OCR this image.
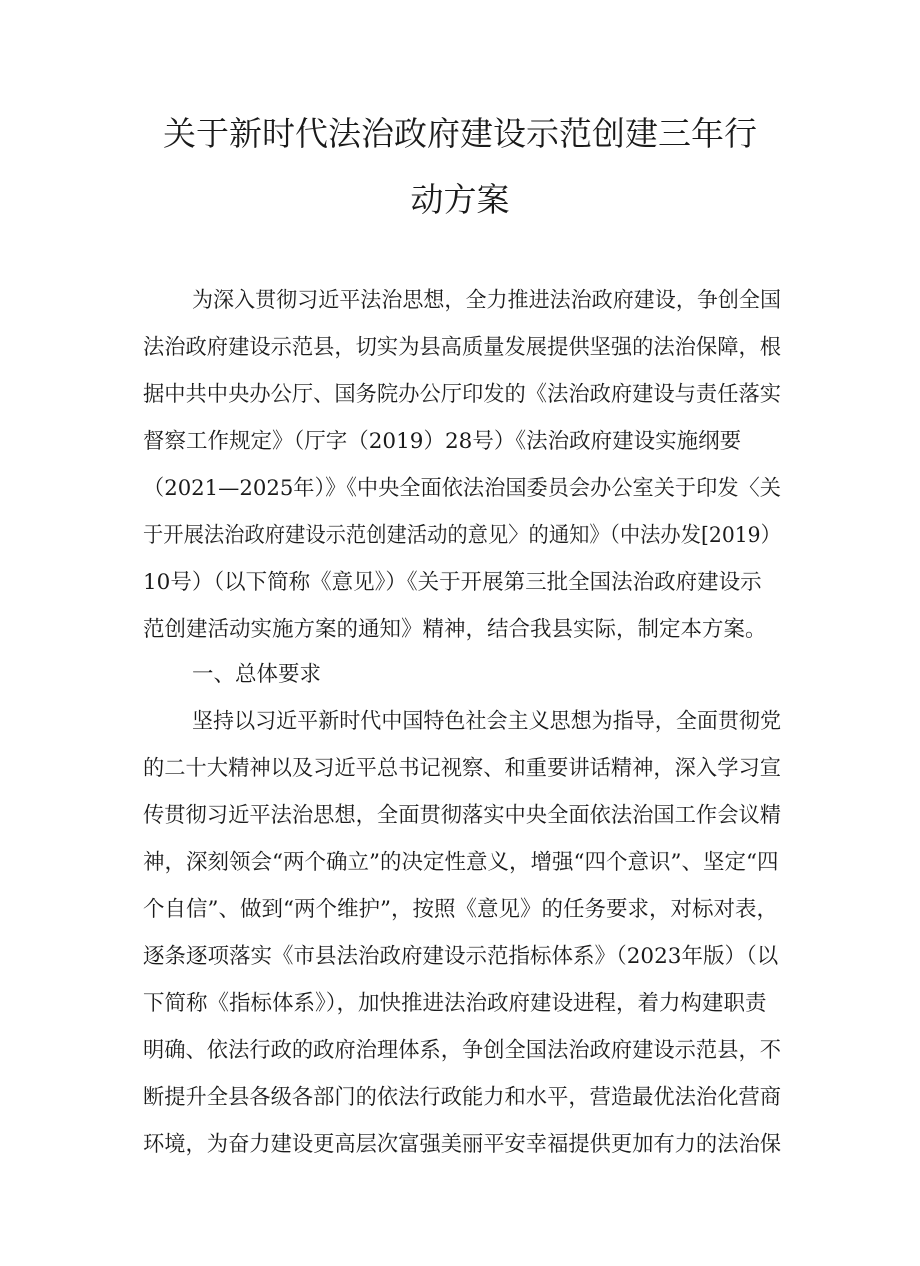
关于新时代法治政府建设示范创建三年行
动方案

为深入贯彻习近平法治思想，全力推进法治政府建设，争创全国

法治政府建设示范县，切实为县高质量发展提供坚强的法治保障，根

据中共中央办公厅、国务院办公厅印发的《法治政府建设与责任落实

督察工作规定》（厅字（2019）28号）《法治政府建设实施纲要

（2021—2025年）》《中央全面依法治国委员会办公室关于印发〈关

于开展法治政府建设示范创建活动的意见〉的通知》（中法办发[2019）

10号）（以下简称《意见》）《关于开展第三批全国法治政府建设示

范创建活动实施方案的通知》精神，结合我县实际，制定本方案。

一、总体要求

坚持以习近平新时代中国特色社会主义思想为指导，全面贯彻党

的二十大精神以及习近平总书记视察、和重要讲话精神，深入学习宣

传贯彻习近平法治思想，全面贯彻落实中央全面依法治国工作会议精

神，深刻领会“两个确立”的决定性意义，增强“四个意识”、坚定“四

个自信”、做到“两个维护”，按照《意见》的任务要求，对标对表，

逐条逐项落实《市县法治政府建设示范指标体系》（2023年版）（以

下简称《指标体系》），加快推进法治政府建设进程，着力构建职责

明确、依法行政的政府治理体系，争创全国法治政府建设示范县，不

断提升全县各级各部门的依法行政能力和水平，营造最优法治化营商

环境，为奋力建设更高层次富强美丽平安幸福提供更加有力的法治保
